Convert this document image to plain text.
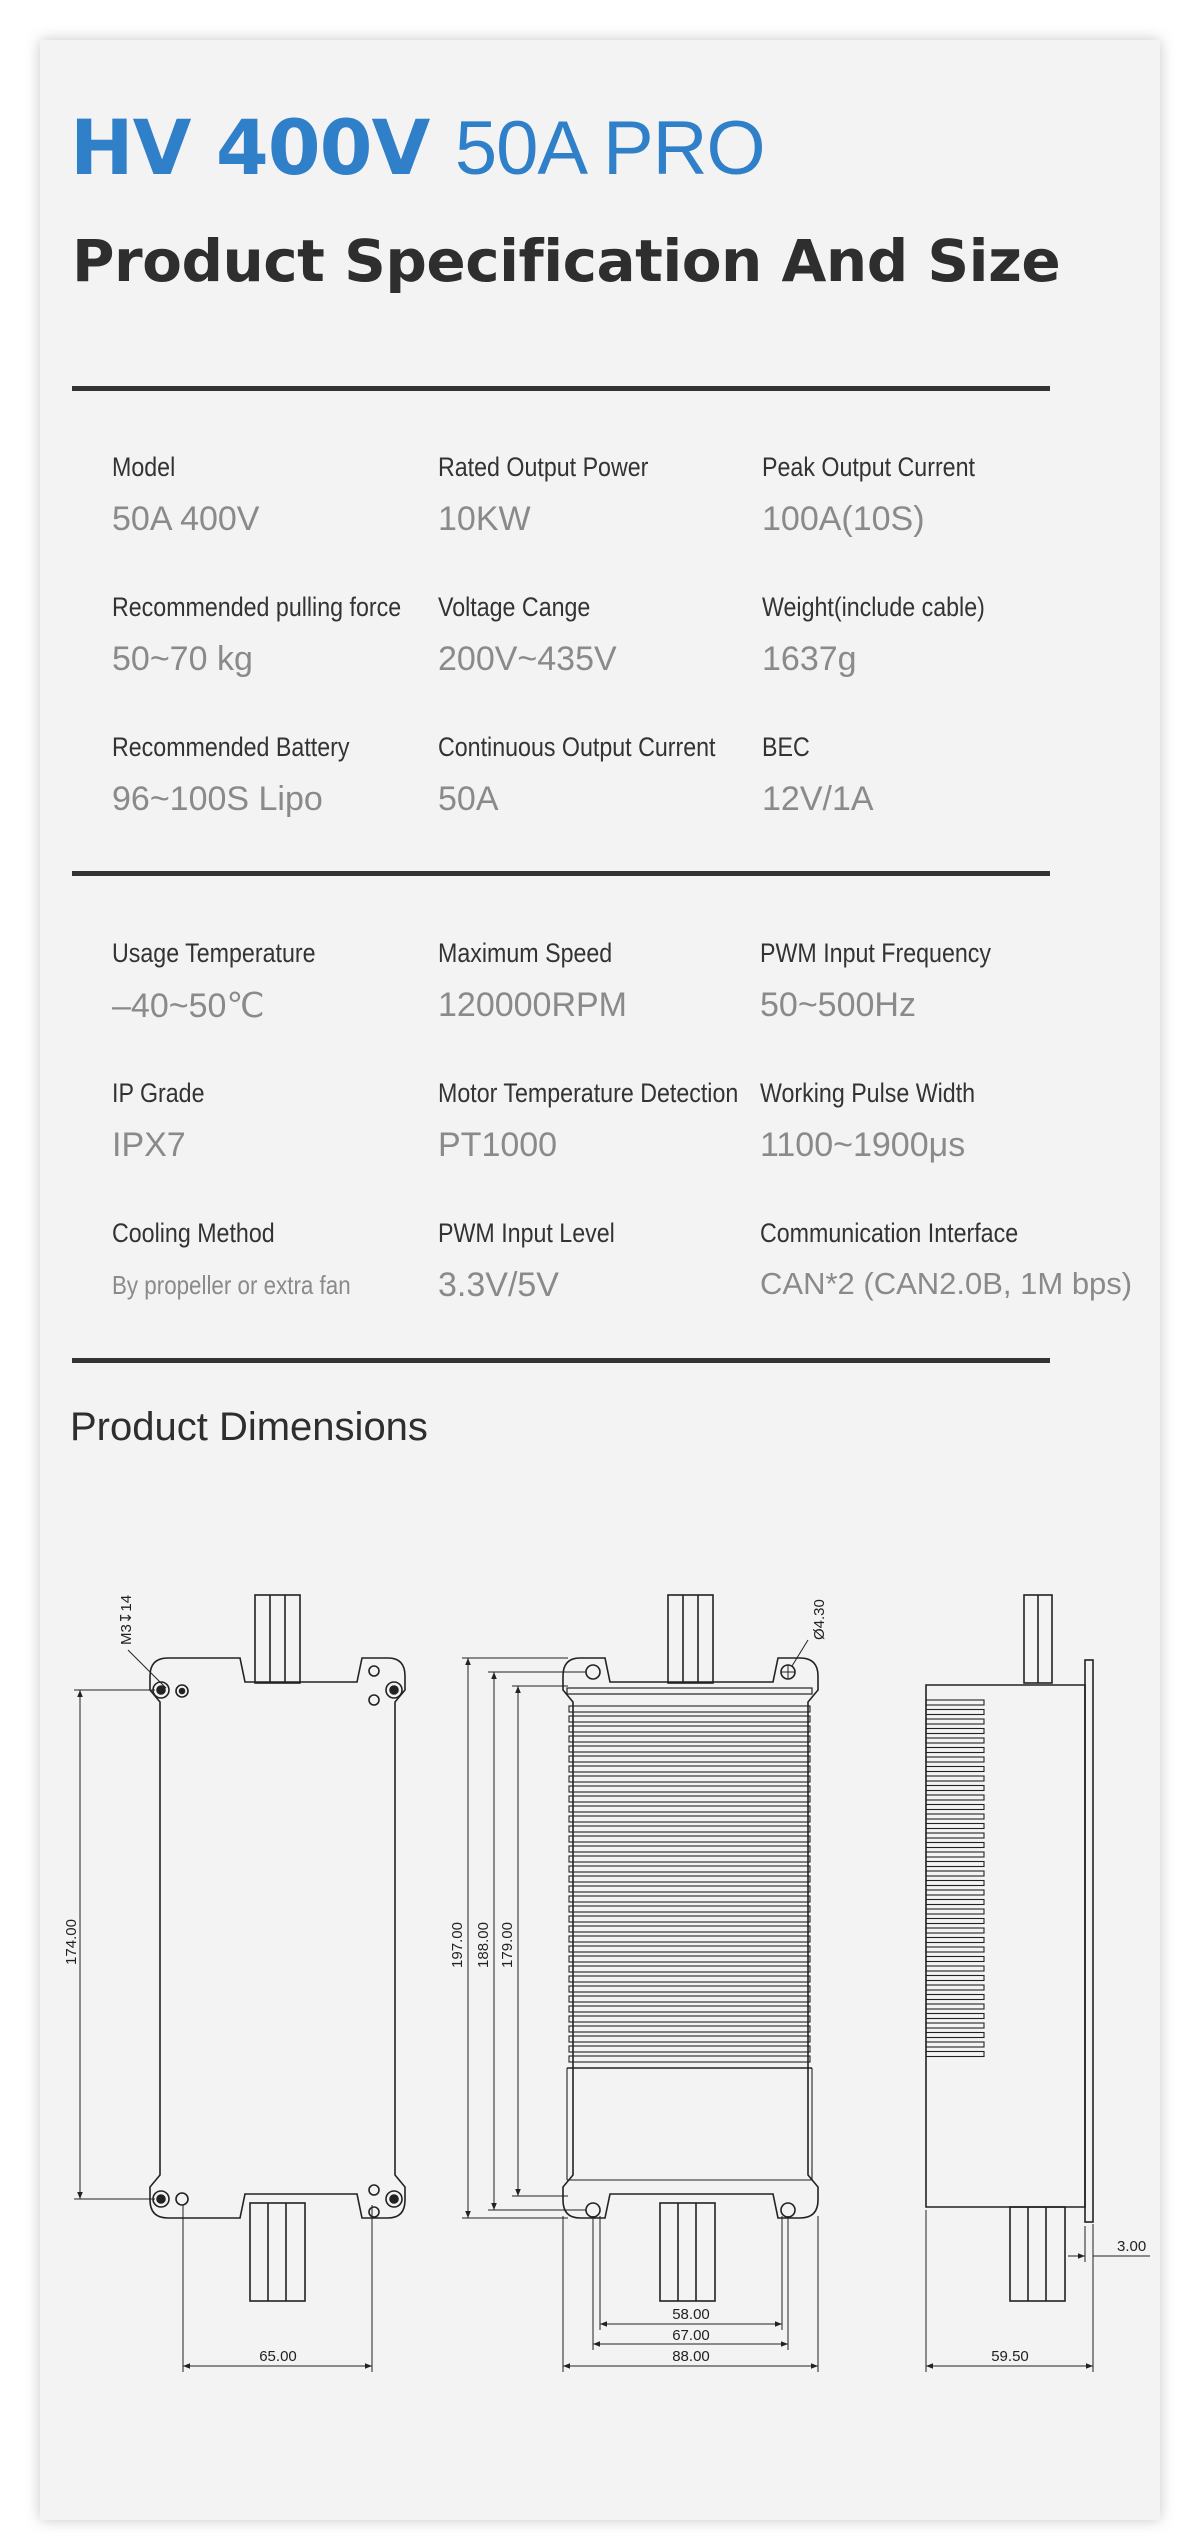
HV 400V 50A PRO
Product Specification And Size
Model
50A 400V
Rated Output Power
10KW
Peak Output Current
100A(10S)
Recommended pulling force
50~70 kg
Voltage Cange
200V~435V
Weight(include cable)
1637g
Recommended Battery
96~100S Lipo
Continuous Output Current
50A
BEC
12V/1A
Usage Temperature
–40~50℃
Maximum Speed
120000RPM
PWM Input Frequency
50~500Hz
IP Grade
IPX7
Motor Temperature Detection
PT1000
Working Pulse Width
1100~1900μs
Cooling Method
By propeller or extra fan
PWM Input Level
3.3V/5V
Communication Interface
CAN*2 (CAN2.0B, 1M bps)
Product Dimensions
M3↧14
174.00
65.00
Ø4.30
197.00 188.00 179.00
58.00
67.00
88.00	59.50
3.00
